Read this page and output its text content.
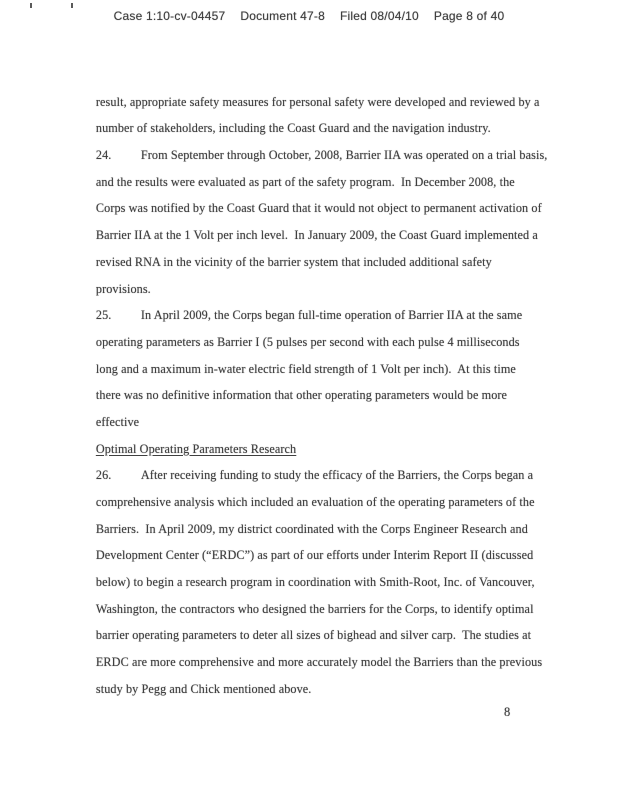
Case 1:10-cv-04457 Document 47-8 Filed 08/04/10 Page 8 of 40

result, appropriate safety measures for personal safety were developed and reviewed by a

number of stakeholders, including the Coast Guard and the navigation industry.

24. From September through October, 2008, Barrier IIA was operated on a trial basis,

and the results were evaluated as part of the safety program.  In December 2008, the

Corps was notified by the Coast Guard that it would not object to permanent activation of

Barrier IIA at the 1 Volt per inch level.  In January 2009, the Coast Guard implemented a

revised RNA in the vicinity of the barrier system that included additional safety

provisions.

25. In April 2009, the Corps began full-time operation of Barrier IIA at the same

operating parameters as Barrier I (5 pulses per second with each pulse 4 milliseconds

long and a maximum in-water electric field strength of 1 Volt per inch).  At this time

there was no definitive information that other operating parameters would be more

effective

Optimal Operating Parameters Research

26. After receiving funding to study the efficacy of the Barriers, the Corps began a

comprehensive analysis which included an evaluation of the operating parameters of the

Barriers.  In April 2009, my district coordinated with the Corps Engineer Research and

Development Center (“ERDC”) as part of our efforts under Interim Report II (discussed

below) to begin a research program in coordination with Smith-Root, Inc. of Vancouver,

Washington, the contractors who designed the barriers for the Corps, to identify optimal

barrier operating parameters to deter all sizes of bighead and silver carp.  The studies at

ERDC are more comprehensive and more accurately model the Barriers than the previous

study by Pegg and Chick mentioned above.

8
